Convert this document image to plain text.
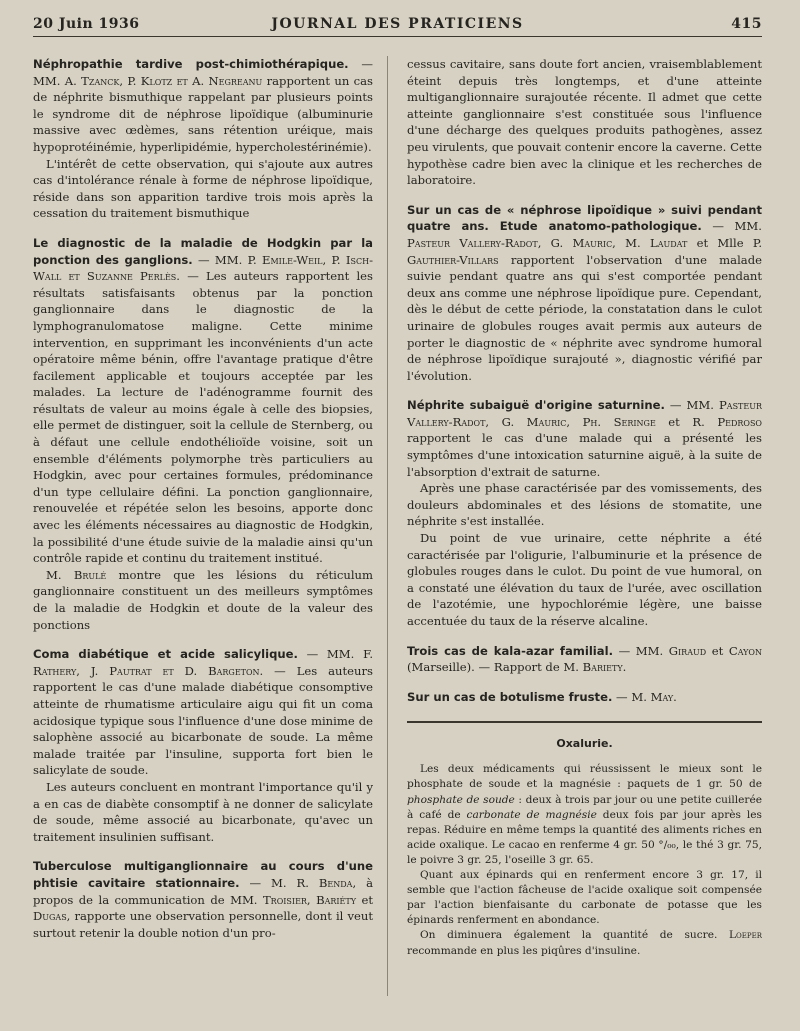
20 Juin 1936	JOURNAL DES PRATICIENS	415

Néphropathie tardive post-chimiothérapique. — MM. A. Tzanck, P. Klotz et A. Negreanu rapportent un cas de néphrite bismuthique rappelant par plusieurs points le syndrome dit de néphrose lipoïdique (albuminurie massive avec œdèmes, sans rétention uréique, mais hypoprotéinémie, hyperlipidémie, hypercholestérinémie).

L'intérêt de cette observation, qui s'ajoute aux autres cas d'intolérance rénale à forme de néphrose lipoïdique, réside dans son apparition tardive trois mois après la cessation du traitement bismuthique

Le diagnostic de la maladie de Hodgkin par la ponction des ganglions. — MM. P. Emile-Weil, P. Isch-Wall et Suzanne Perlès. — Les auteurs rapportent les résultats satisfaisants obtenus par la ponction ganglionnaire dans le diagnostic de la lymphogranulomatose maligne. Cette minime intervention, en supprimant les inconvénients d'un acte opératoire même bénin, offre l'avantage pratique d'être facilement applicable et toujours acceptée par les malades. La lecture de l'adénogramme fournit des résultats de valeur au moins égale à celle des biopsies, elle permet de distinguer, soit la cellule de Sternberg, ou à défaut une cellule endothélioïde voisine, soit un ensemble d'éléments polymorphe très particuliers au Hodgkin, avec pour certaines formules, prédominance d'un type cellulaire défini. La ponction ganglionnaire, renouvelée et répétée selon les besoins, apporte donc avec les éléments nécessaires au diagnostic de Hodgkin, la possibilité d'une étude suivie de la maladie ainsi qu'un contrôle rapide et continu du traitement institué.

M. Brulé montre que les lésions du réticulum ganglionnaire constituent un des meilleurs symptômes de la maladie de Hodgkin et doute de la valeur des ponctions

Coma diabétique et acide salicylique. — MM. F. Rathery, J. Pautrat et D. Bargeton. — Les auteurs rapportent le cas d'une malade diabétique consomptive atteinte de rhumatisme articulaire aigu qui fit un coma acidosique typique sous l'influence d'une dose minime de salophène associé au bicarbonate de soude. La même malade traitée par l'insuline, supporta fort bien le salicylate de soude.

Les auteurs concluent en montrant l'importance qu'il y a en cas de diabète consomptif à ne donner de salicylate de soude, même associé au bicarbonate, qu'avec un traitement insulinien suffisant.

Tuberculose multiganglionnaire au cours d'une phtisie cavitaire stationnaire. — M. R. Benda, à propos de la communication de MM. Troisier, Bariéty et Dugas, rapporte une observation personnelle, dont il veut surtout retenir la double notion d'un pro-

cessus cavitaire, sans doute fort ancien, vraisemblablement éteint depuis très longtemps, et d'une atteinte multiganglionnaire surajoutée récente. Il admet que cette atteinte ganglionnaire s'est constituée sous l'influence d'une décharge des quelques produits pathogènes, assez peu virulents, que pouvait contenir encore la caverne. Cette hypothèse cadre bien avec la clinique et les recherches de laboratoire.

Sur un cas de « néphrose lipoïdique » suivi pendant quatre ans. Etude anatomo-pathologique. — MM. Pasteur Vallery-Radot, G. Mauric, M. Laudat et Mlle P. Gauthier-Villars rapportent l'observation d'une malade suivie pendant quatre ans qui s'est comportée pendant deux ans comme une néphrose lipoïdique pure. Cependant, dès le début de cette période, la constatation dans le culot urinaire de globules rouges avait permis aux auteurs de porter le diagnostic de « néphrite avec syndrome humoral de néphrose lipoïdique surajouté », diagnostic vérifié par l'évolution.

Néphrite subaiguë d'origine saturnine. — MM. Pasteur Vallery-Radot, G. Mauric, Ph. Seringe et R. Pedroso rapportent le cas d'une malade qui a présenté les symptômes d'une intoxication saturnine aiguë, à la suite de l'absorption d'extrait de saturne.

Après une phase caractérisée par des vomissements, des douleurs abdominales et des lésions de stomatite, une néphrite s'est installée.

Du point de vue urinaire, cette néphrite a été caractérisée par l'oligurie, l'albuminurie et la présence de globules rouges dans le culot. Du point de vue humoral, on a constaté une élévation du taux de l'urée, avec oscillation de l'azotémie, une hypochlorémie légère, une baisse accentuée du taux de la réserve alcaline.

Trois cas de kala-azar familial. — MM. Giraud et Cayon (Marseille). — Rapport de M. Bariety.

Sur un cas de botulisme fruste. — M. May.

Oxalurie.

Les deux médicaments qui réussissent le mieux sont le phosphate de soude et la magnésie : paquets de 1 gr. 50 de phosphate de soude : deux à trois par jour ou une petite cuillerée à café de carbonate de magnésie deux fois par jour après les repas. Réduire en même temps la quantité des aliments riches en acide oxalique. Le cacao en renferme 4 gr. 50 °/₀₀, le thé 3 gr. 75, le poivre 3 gr. 25, l'oseille 3 gr. 65.

Quant aux épinards qui en renferment encore 3 gr. 17, il semble que l'action fâcheuse de l'acide oxalique soit compensée par l'action bienfaisante du carbonate de potasse que les épinards renferment en abondance.

On diminuera également la quantité de sucre. Loeper recommande en plus les piqûres d'insuline.
